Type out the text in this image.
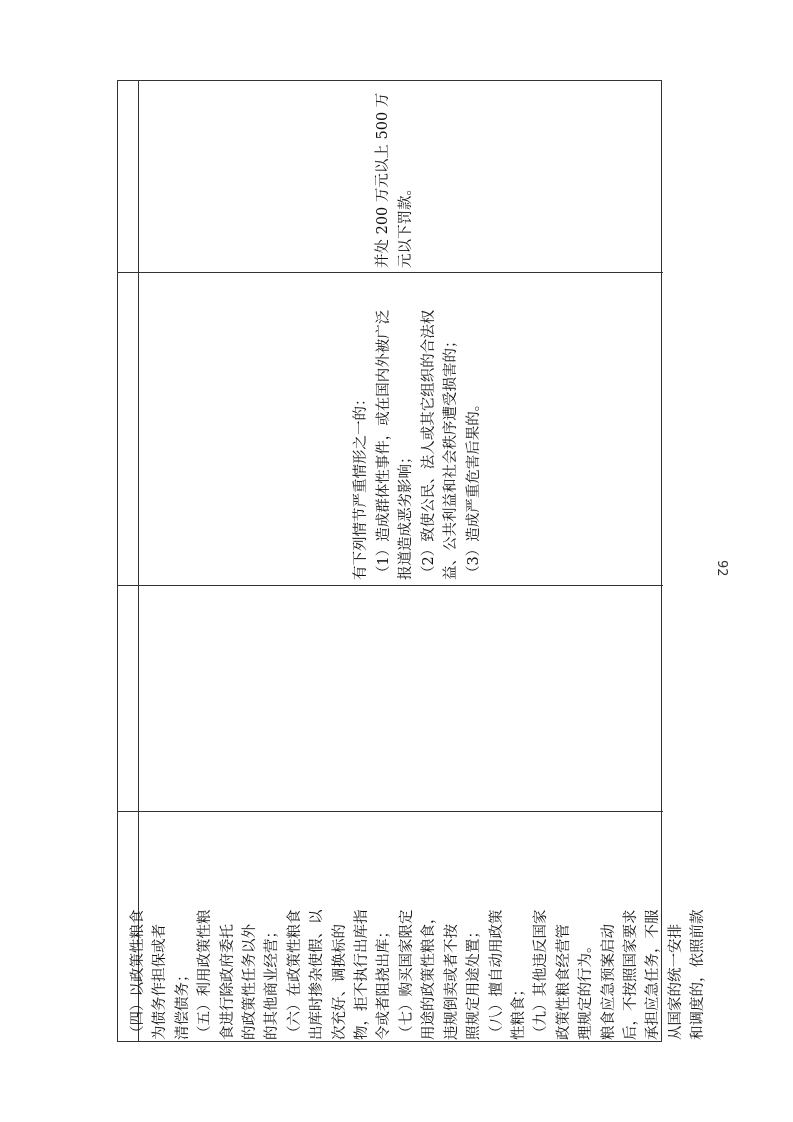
（四）以政策性粮食 为债务作担保或者 清偿债务； （五）利用政策性粮 食进行除政府委托 的政策性任务以外 的其他商业经营； （六）在政策性粮食 出库时掺杂使假、以 次充好、调换标的 物，拒不执行出库指 令或者阻挠出库； （七）购买国家限定 用途的政策性粮食， 违规倒卖或者不按 照规定用途处置； （八）擅自动用政策 性粮食； （九）其他违反国家 政策性粮食经营管 理规定的行为。 粮食应急预案启动 后，不按照国家要求 承担应急任务，不服 从国家的统一安排 和调度的，依照前款
有下列情节严重情形之一的： （1）造成群体性事件，或在国内外被广泛 报道造成恶劣影响； （2）致使公民、法人或其它组织的合法权 益、公共利益和社会秩序遭受损害的； （3）造成严重危害后果的。
并处 200 万元以上 500 万 元以下罚款。
92
